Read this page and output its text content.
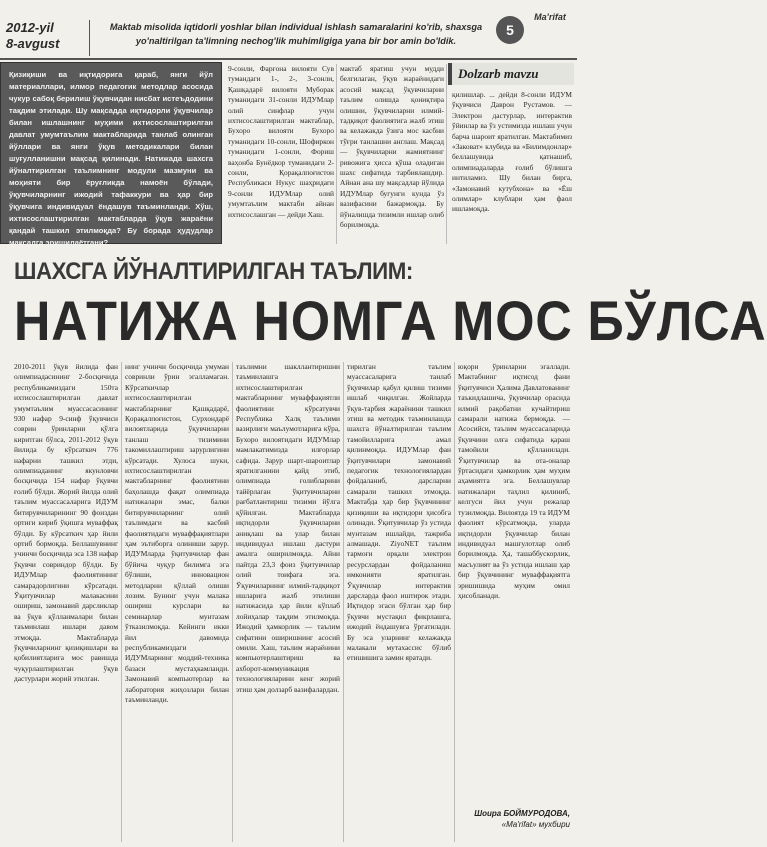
2012-yil
8-avgust
Maktab misolida iqtidorli yoshlar bilan individual ishlash samaralarini ko'rib, shaxsga yo'naltirilgan ta'limning nechog'lik muhimligiga yana bir bor amin bo'ldik.
5
Ma'rifat
Қизиқиши ва иқтидорига қараб, янги йўл материаллари, илмор педагогик методлар асосида чукур сабоқ берилиш ўқувчидан нисбат истеъдодини тақдим этилади. Шу мақсадда иқтидорли ўқувчилар билан ишлашнинг муҳими ихтисослаштирилган давлат умумтаълим мактабларида танлаб олинган йўллари ва янги ўқув методикалари билан шуғулланишни мақсад қилинади. Натижада шахсга йўналтирилган таълимнинг модули мазмуни ва моҳияти бир ёруғликда намоён бўлади, ўқувчиларнинг ижодий тафаккури ва ҳар бир ўқувчига индивидуал ёндашув таъминланди. Хўш, ихтисослаштирилган мактабларда ўқув жараёни қандай ташкил этилмоқда? Бу борада ҳудудлар мақсадга эришилаётгани?
9-сонли, Фарғона вилояти Сув тумандаги 1-, 2-, 3-сонли, Қашқадарё вилояти Муборак туманидаги 31-сонли ИДУМлар олий синфлар учун ихтисослаштирилган мактаблар, Бухоро вилояти Бухоро туманидаги 10-сонли, Шофиркон туманидаги 1-сонли, Фориш ваҳонба Бунёдкор туманидаги 2-сонли, Қорақалпоғистон Республикаси Нукус шаҳридаги 9-сонли ИДУМлар олий умумтаълим мактаби айнан ихтисослашган — дейди Хаш.
мактаб яратиш учун мудди белгилаган, ўқув жараёнидаги асосий мақсад ўқувчиларни таълим олишда қониқтира олишни, ўқувчиларни илмий-тадқиқот фаолиятига жалб этиш ва келажакда ўзига мос касбни тўғри танлашни англаш. Мақсад — ўқувчиларни жамиятнинг ривожига ҳисса қўша оладиган шахс сифатида тарбиялашдир. Айнан ана шу мақсадлар йўлида ИДУМлар бугунги кунда ўз вазифасини бажармоқда. Бу йўналишда тизимли ишлар олиб борилмоқда.
Dolzarb mavzu
қилишлар. ... дейди 8-сонли ИДУМ ўқувчиси Даврон Рустамов. — Электрон дастурлар, интерактив ўйинлар ва ўз устимизда ишлаш учун барча шароит яратилган. Мактабимиз «Заковат» клубида ва «Билимдонлар» беллашувида қатнашиб, олимпиадаларда ғолиб бўлишга интиламиз. Шу билан бирга, «Замонавий кутубхона» ва «Ёш олимлар» клублари ҳам фаол ишламоқда.
ШАХСГА ЙЎНАЛТИРИЛГАН ТАЪЛИМ:
НАТИЖА НОМГА МОС БЎЛСА
2010-2011 ўқув йилида фан олимпиадасининг 2-босқичида республикамиздаги 150та ихтисослаштирилган давлат умумтаълим муассасасининг 930 нафар 9-синф ўқувчиси соврин ўринларни қўлга киритган бўлса, 2011-2012 ўқув йилида бу кўрсаткич 776 нафарни ташкил этди, олимпиаданинг якунловчи босқичида 154 нафар ўқувчи ғолиб бўлди. Жорий йилда олий таълим муассасаларига ИДУМ битирувчиларининг 90 фоиздан ортиғи кириб ўқишга муваффақ бўлди. Бу кўрсаткич ҳар йили ортиб бормоқда. Беллашувнинг учинчи босқичида эса 138 нафар ўқувчи совриндор бўлди. Бу ИДУМлар фаолиятининг самарадорлигини кўрсатади. Ўқитувчилар малакасини ошириш, замонавий дарсликлар ва ўқув қўлланмалари билан таъминлаш ишлари давом этмоқда. Мактабларда ўқувчиларнинг қизиқишлари ва қобилиятларига мос равишда чуқурлаштирилган ўқув дастурлари жорий этилган.
нинг учинчи босқичида умуман совринли ўрин эгалламаган. Кўрсаткичлар ихтисослаштирилган мактабларнинг Қашқадарё, Қорақалпоғистон, Сурхондарё вилоятларида ўқувчиларни танлаш тизимини такомиллаштириш зарурлигини кўрсатади. Хулоса шуки, ихтисослаштирилган мактабларнинг фаолиятини баҳолашда фақат олимпиада натижалари эмас, балки битирувчиларнинг олий таълимдаги ва касбий фаолиятидаги муваффақиятлари ҳам эътиборга олиниши зарур. ИДУМларда ўқитувчилар фан бўйича чуқур билимга эга бўлиши, инновацион методларни қўллай олиши лозим. Бунинг учун малака ошириш курслари ва семинарлар мунтазам ўтказилмоқда. Кейинги икки йил давомида республикамиздаги ИДУМларнинг моддий-техника базаси мустаҳкамланди. Замонавий компьютерлар ва лаборатория жиҳозлари билан таъминланди.
таълимни шакллантиришни таъминлашга ихтисослаштирилган мактабларнинг муваффақиятли фаолиятини кўрсатувчи Республика Халқ таълими вазирлиги маълумотларига кўра, Бухоро вилоятидаги ИДУМлар мамлакатимизда илғорлар сафида. Зарур шарт-шароитлар яратилганини қайд этиб, олимпиада ғолибларини тайёрлаган ўқитувчиларни рағбатлантириш тизими йўлга қўйилган. Мактабларда иқтидорли ўқувчиларни аниқлаш ва улар билан индивидуал ишлаш дастури амалга оширилмоқда. Айни пайтда 23,3 фоиз ўқитувчилар олий тоифага эга. Ўқувчиларнинг илмий-тадқиқот ишларига жалб этилиши натижасида ҳар йили кўплаб лойиҳалар тақдим этилмоқда. Ижодий ҳамкорлик — таълим сифатини оширишнинг асосий омили. Хаш, таълим жараёнини компьютерлаштириш ва ахборот-коммуникация технологияларини кенг жорий этиш ҳам долзарб вазифалардан.
тирилган таълим муассасаларига танлаб ўқувчилар қабул қилиш тизими ишлаб чиқилган. Жойларда ўқув-тарбия жараёнини ташкил этиш ва методик таъминлашда шахсга йўналтирилган таълим тамойилларига амал қилинмоқда. ИДУМлар фан ўқитувчилари замонавий педагогик технологиялардан фойдаланиб, дарсларни самарали ташкил этмоқда. Мактабда ҳар бир ўқувчининг қизиқиши ва иқтидори ҳисобга олинади. Ўқитувчилар ўз устида мунтазам ишлайди, тажриба алмашади. ZiyoNET таълим тармоғи орқали электрон ресурслардан фойдаланиш имконияти яратилган. Ўқувчилар интерактив дарсларда фаол иштирок этади. Иқтидор эгаси бўлган ҳар бир ўқувчи мустақил фикрлашга, ижодий ёндашувга ўргатилади. Бу эса уларнинг келажакда малакали мутахассис бўлиб етишишига замин яратади.
юқори ўринларни эгаллади. Мактабнинг иқтисод фани ўқитувчиси Ҳалима Давлатованинг таъкидлашича, ўқувчилар орасида илмий рақобатни кучайтириш самарали натижа бермоқда. — Асосийси, таълим муассасаларида ўқувчини олға сифатида қараш тамойили қўлланилади. Ўқитувчилар ва ота-оналар ўртасидаги ҳамкорлик ҳам муҳим аҳамиятга эга. Беллашувлар натижалари таҳлил қилиниб, келгуси йил учун режалар тузилмоқда. Вилоятда 19 та ИДУМ фаолият кўрсатмоқда, уларда иқтидорли ўқувчилар билан индивидуал машғулотлар олиб борилмоқда. Ҳа, ташаббускорлик, масъулият ва ўз устида ишлаш ҳар бир ўқувчининг муваффақиятга эришишида муҳим омил ҳисобланади.
Шоира БОЙМУРОДОВА,
«Ma'rifat» мухбири
